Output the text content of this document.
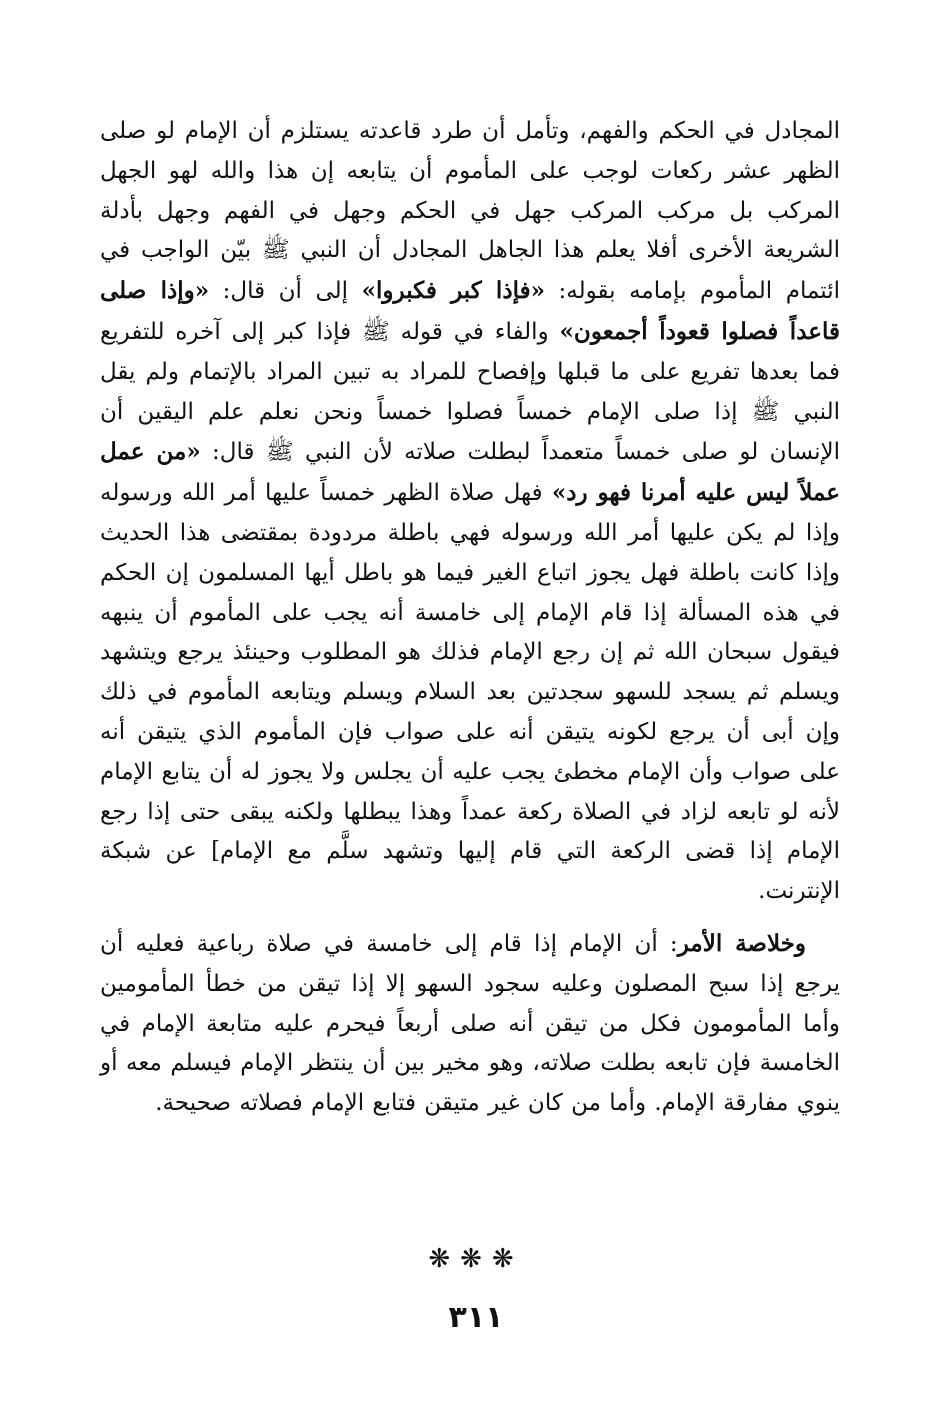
المجادل في الحكم والفهم، وتأمل أن طرد قاعدته يستلزم أن الإمام لو صلى الظهر عشر ركعات لوجب على المأموم أن يتابعه إن هذا والله لهو الجهل المركب بل مركب المركب جهل في الحكم وجهل في الفهم وجهل بأدلة الشريعة الأخرى أفلا يعلم هذا الجاهل المجادل أن النبي ﷺ بيّن الواجب في ائتمام المأموم بإمامه بقوله: «فإذا كبر فكبروا» إلى أن قال: «وإذا صلى قاعداً فصلوا قعوداً أجمعون» والفاء في قوله ﷺ فإذا كبر إلى آخره للتفريع فما بعدها تفريع على ما قبلها وإفصاح للمراد به تبين المراد بالإتمام ولم يقل النبي ﷺ إذا صلى الإمام خمساً فصلوا خمساً ونحن نعلم علم اليقين أن الإنسان لو صلى خمساً متعمداً لبطلت صلاته لأن النبي ﷺ قال: «من عمل عملاً ليس عليه أمرنا فهو رد» فهل صلاة الظهر خمساً عليها أمر الله ورسوله وإذا لم يكن عليها أمر الله ورسوله فهي باطلة مردودة بمقتضى هذا الحديث وإذا كانت باطلة فهل يجوز اتباع الغير فيما هو باطل أيها المسلمون إن الحكم في هذه المسألة إذا قام الإمام إلى خامسة أنه يجب على المأموم أن ينبهه فيقول سبحان الله ثم إن رجع الإمام فذلك هو المطلوب وحينئذ يرجع ويتشهد ويسلم ثم يسجد للسهو سجدتين بعد السلام ويسلم ويتابعه المأموم في ذلك وإن أبى أن يرجع لكونه يتيقن أنه على صواب فإن المأموم الذي يتيقن أنه على صواب وأن الإمام مخطئ يجب عليه أن يجلس ولا يجوز له أن يتابع الإمام لأنه لو تابعه لزاد في الصلاة ركعة عمداً وهذا يبطلها ولكنه يبقى حتى إذا رجع الإمام إذا قضى الركعة التي قام إليها وتشهد سلَّم مع الإمام] عن شبكة الإنترنت.

وخلاصة الأمر: أن الإمام إذا قام إلى خامسة في صلاة رباعية فعليه أن يرجع إذا سبح المصلون وعليه سجود السهو إلا إذا تيقن من خطأ المأمومين وأما المأمومون فكل من تيقن أنه صلى أربعاً فيحرم عليه متابعة الإمام في الخامسة فإن تابعه بطلت صلاته، وهو مخير بين أن ينتظر الإمام فيسلم معه أو ينوي مفارقة الإمام. وأما من كان غير متيقن فتابع الإمام فصلاته صحيحة.

❋❋❋
٣١١
